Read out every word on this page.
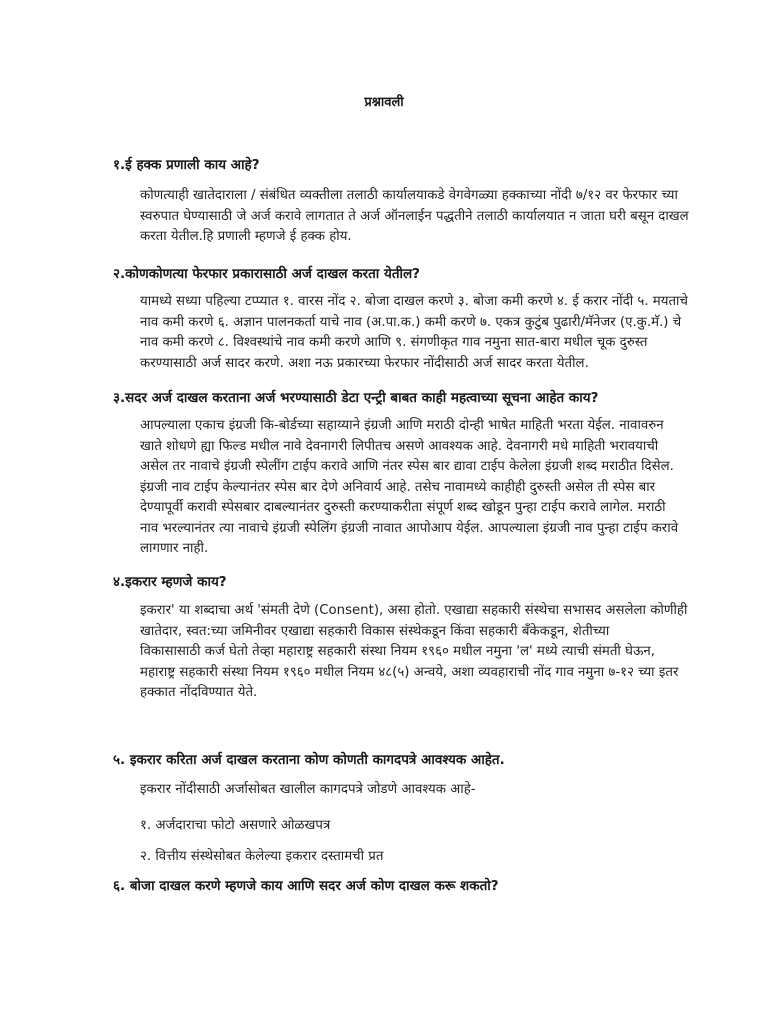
प्रश्नावली
१.ई हक्क प्रणाली काय आहे?

कोणत्याही खातेदाराला / संबंधित व्यक्तीला तलाठी कार्यालयाकडे वेगवेगळ्या हक्काच्या नोंदी ७/१२ वर फेरफार च्या
स्वरुपात घेण्यासाठी जे अर्ज करावे लागतात ते अर्ज ऑनलाईन पद्धतीने तलाठी कार्यालयात न जाता घरी बसून दाखल
करता येतील.हि प्रणाली म्हणजे ई हक्क होय.

२.कोणकोणत्या फेरफार प्रकारासाठी अर्ज दाखल करता येतील?

यामध्ये सध्या पहिल्या टप्प्यात १. वारस नोंद २. बोजा दाखल करणे ३. बोजा कमी करणे ४. ई करार नोंदी ५. मयताचे
नाव कमी करणे ६. अज्ञान पालनकर्ता याचे नाव (अ.पा.क.) कमी करणे ७. एकत्र कुटुंब पुढारी/मॅनेजर (ए.कु.मॅ.) चे
नाव कमी करणे ८. विश्वस्थांचे नाव कमी करणे आणि ९. संगणीकृत गाव नमुना सात-बारा मधील चूक दुरुस्त
करण्यासाठी अर्ज सादर करणे. अशा नऊ प्रकारच्या फेरफार नोंदीसाठी अर्ज सादर करता येतील.

३.सदर अर्ज दाखल करताना अर्ज भरण्यासाठी डेटा एन्ट्री बाबत काही महत्वाच्या सूचना आहेत काय?

आपल्याला एकाच इंग्रजी कि-बोर्डच्या सहाय्याने इंग्रजी आणि मराठी दोन्ही भाषेत माहिती भरता येईल. नावावरुन
खाते शोधणे ह्या फिल्ड मधील नावे देवनागरी लिपीतच असणे आवश्यक आहे. देवनागरी मधे माहिती भरावयाची
असेल तर नावाचे इंग्रजी स्पेलींग टाईप करावे आणि नंतर स्पेस बार द्यावा टाईप केलेला इंग्रजी शब्द मराठीत दिसेल.
इंग्रजी नाव टाईप केल्यानंतर स्पेस बार देणे अनिवार्य आहे. तसेच नावामध्ये काहीही दुरुस्ती असेल ती स्पेस बार
देण्यापूर्वी करावी स्पेसबार दाबल्यानंतर दुरुस्ती करण्याकरीता संपूर्ण शब्द खोडून पुन्हा टाईप करावे लागेल. मराठी
नाव भरल्यानंतर त्या नावाचे इंग्रजी स्पेलिंग इंग्रजी नावात आपोआप येईल. आपल्याला इंग्रजी नाव पुन्हा टाईप करावे
लागणार नाही.

४.इकरार म्हणजे काय?

इकरार' या शब्दाचा अर्थ 'संमती देणे (Consent), असा होतो. एखाद्या सहकारी संस्थेचा सभासद असलेला कोणीही
खातेदार, स्वत:च्या जमिनीवर एखाद्या सहकारी विकास संस्थेकडून किंवा सहकारी बँकेकडून, शेतीच्या
विकासासाठी कर्ज घेतो तेव्हा महाराष्ट्र सहकारी संस्था नियम १९६० मधील नमुना 'ल' मध्ये त्याची संमती घेऊन,
महाराष्ट्र सहकारी संस्था नियम १९६० मधील नियम ४८(५) अन्वये, अशा व्यवहाराची नोंद गाव नमुना ७-१२ च्या इतर
हक्कात नोंदविण्यात येते.

५. इकरार करिता अर्ज दाखल करताना कोण कोणती कागदपत्रे आवश्यक आहेत.

इकरार नोंदीसाठी अर्जासोबत खालील कागदपत्रे जोडणे आवश्यक आहे-

१. अर्जदाराचा फोटो असणारे ओळखपत्र

२. वित्तीय संस्थेसोबत केलेल्या इकरार दस्तामची प्रत

६. बोजा दाखल करणे म्हणजे काय आणि सदर अर्ज कोण दाखल करू शकतो?
